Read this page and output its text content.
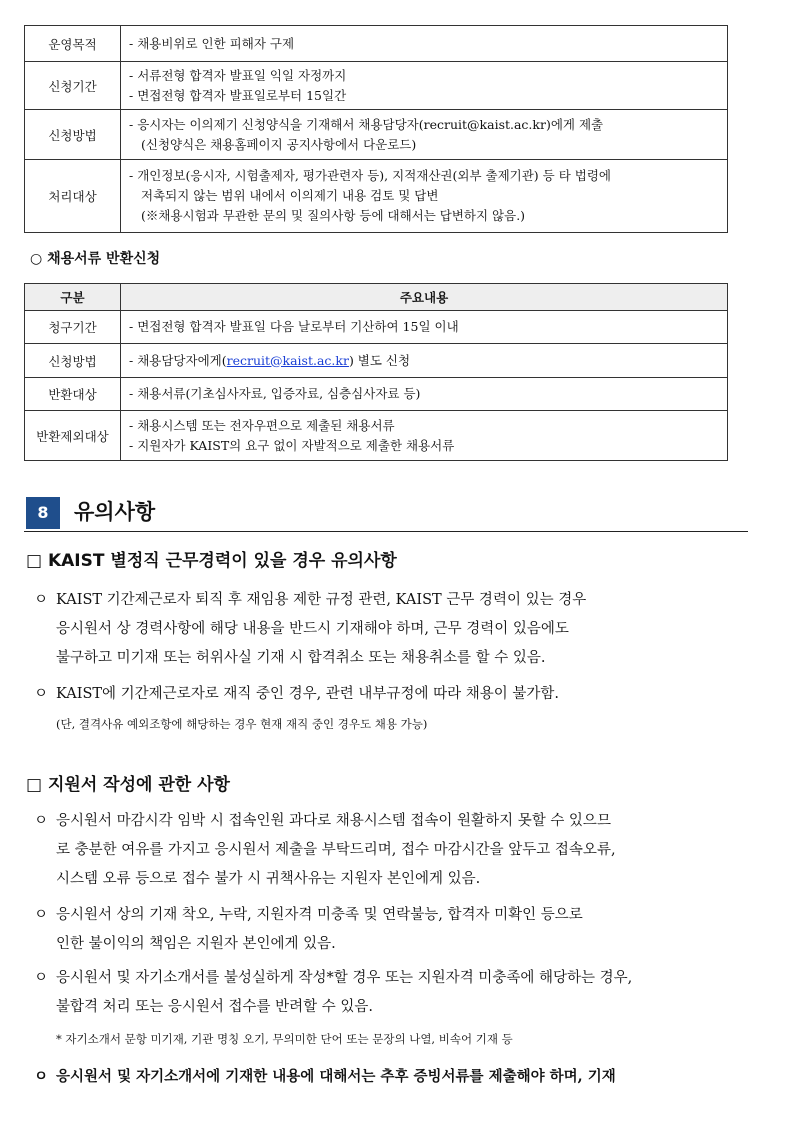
운영목적	- 채용비위로 인한 피해자 구제

신청기간	- 서류전형 합격자 발표일 익일 자정까지
- 면접전형 합격자 발표일로부터 15일간

신청방법	- 응시자는 이의제기 신청양식을 기재해서 채용담당자(recruit@kaist.ac.kr)에게 제출
(신청양식은 채용홈페이지 공지사항에서 다운로드)

처리대상	- 개인정보(응시자, 시험출제자, 평가관련자 등), 지적재산권(외부 출제기관) 등 타 법령에
저촉되지 않는 범위 내에서 이의제기 내용 검토 및 답변
(※채용시험과 무관한 문의 및 질의사항 등에 대해서는 답변하지 않음.)
○ 채용서류 반환신청
구분	주요내용
청구기간	- 면접전형 합격자 발표일 다음 날로부터 기산하여 15일 이내
신청방법	- 채용담당자에게(recruit@kaist.ac.kr) 별도 신청
반환대상	- 채용서류(기초심사자료, 입증자료, 심층심사자료 등)
반환제외대상	- 채용시스템 또는 전자우편으로 제출된 채용서류
- 지원자가 KAIST의 요구 없이 자발적으로 제출한 채용서류
8	유의사항
□ KAIST 별정직 근무경력이 있을 경우 유의사항
ㅇ KAIST 기간제근로자 퇴직 후 재임용 제한 규정 관련, KAIST 근무 경력이 있는 경우
응시원서 상 경력사항에 해당 내용을 반드시 기재해야 하며, 근무 경력이 있음에도
불구하고 미기재 또는 허위사실 기재 시 합격취소 또는 채용취소를 할 수 있음.
ㅇ KAIST에 기간제근로자로 재직 중인 경우, 관련 내부규정에 따라 채용이 불가함.
(단, 결격사유 예외조항에 해당하는 경우 현재 재직 중인 경우도 채용 가능)
□ 지원서 작성에 관한 사항
ㅇ 응시원서 마감시각 임박 시 접속인원 과다로 채용시스템 접속이 원활하지 못할 수 있으므
로 충분한 여유를 가지고 응시원서 제출을 부탁드리며, 접수 마감시간을 앞두고 접속오류,
시스템 오류 등으로 접수 불가 시 귀책사유는 지원자 본인에게 있음.
ㅇ 응시원서 상의 기재 착오, 누락, 지원자격 미충족 및 연락불능, 합격자 미확인 등으로
인한 불이익의 책임은 지원자 본인에게 있음.
ㅇ 응시원서 및 자기소개서를 불성실하게 작성*할 경우 또는 지원자격 미충족에 해당하는 경우,
불합격 처리 또는 응시원서 접수를 반려할 수 있음.
* 자기소개서 문항 미기재, 기관 명칭 오기, 무의미한 단어 또는 문장의 나열, 비속어 기재 등
ㅇ 응시원서 및 자기소개서에 기재한 내용에 대해서는 추후 증빙서류를 제출해야 하며, 기재
